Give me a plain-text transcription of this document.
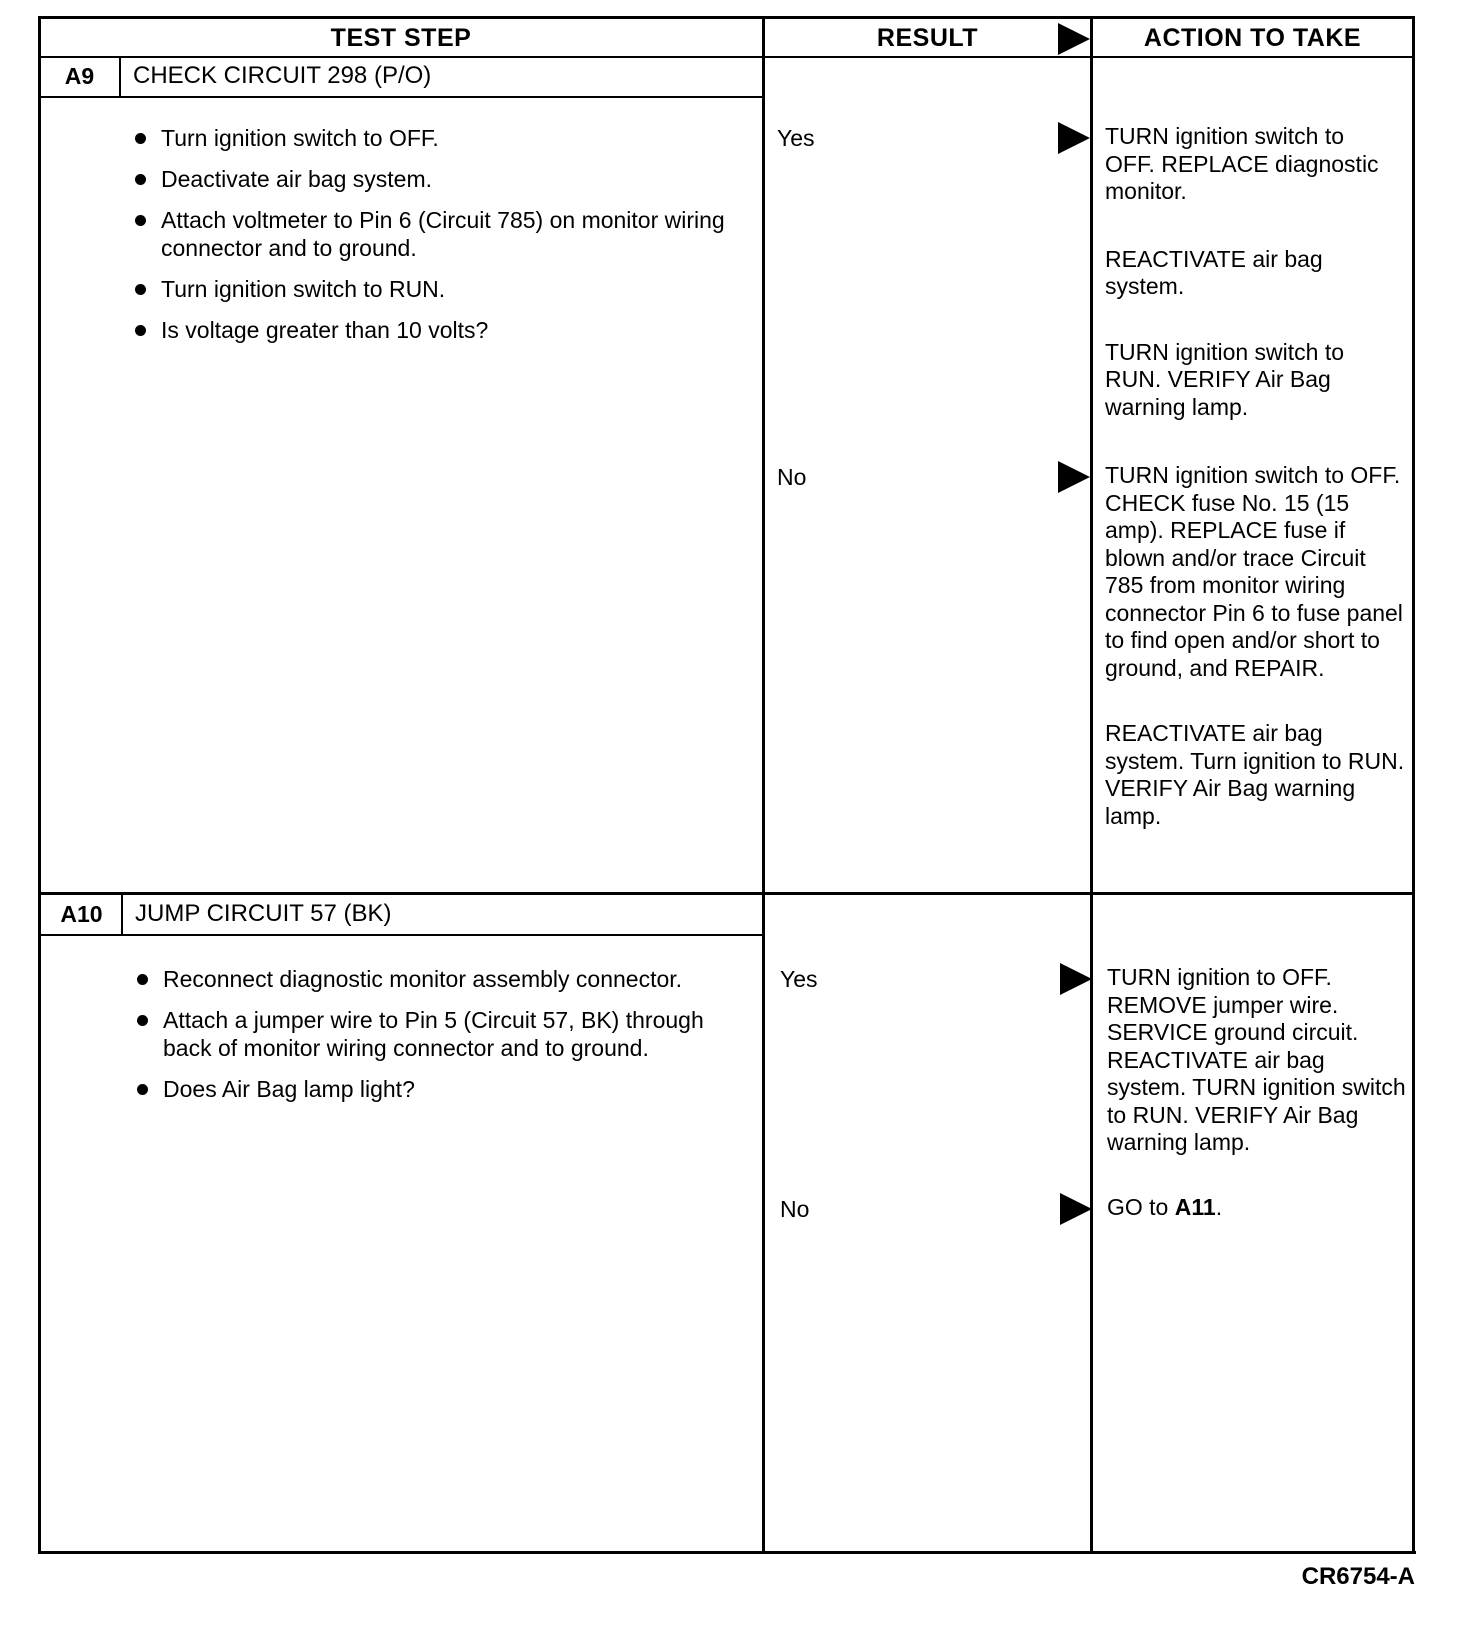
TEST STEP	RESULT	ACTION TO TAKE
A9	CHECK CIRCUIT 298 (P/O)
Turn ignition switch to OFF.
Deactivate air bag system.
Attach voltmeter to Pin 6 (Circuit 785) on monitor wiring connector and to ground.
Turn ignition switch to RUN.
Is voltage greater than 10 volts?
Yes	TURN ignition switch to OFF. REPLACE diagnostic monitor.

REACTIVATE air bag system.

TURN ignition switch to RUN. VERIFY Air Bag warning lamp.

No	TURN ignition switch to OFF. CHECK fuse No. 15 (15 amp). REPLACE fuse if blown and/or trace Circuit 785 from monitor wiring connector Pin 6 to fuse panel to find open and/or short to ground, and REPAIR.

REACTIVATE air bag system. Turn ignition to RUN. VERIFY Air Bag warning lamp.

A10	JUMP CIRCUIT 57 (BK)
Reconnect diagnostic monitor assembly connector.
Attach a jumper wire to Pin 5 (Circuit 57, BK) through back of monitor wiring connector and to ground.
Does Air Bag lamp light?
Yes	TURN ignition to OFF. REMOVE jumper wire. SERVICE ground circuit. REACTIVATE air bag system. TURN ignition switch to RUN. VERIFY Air Bag warning lamp.

No	GO to A11.
CR6754-A
